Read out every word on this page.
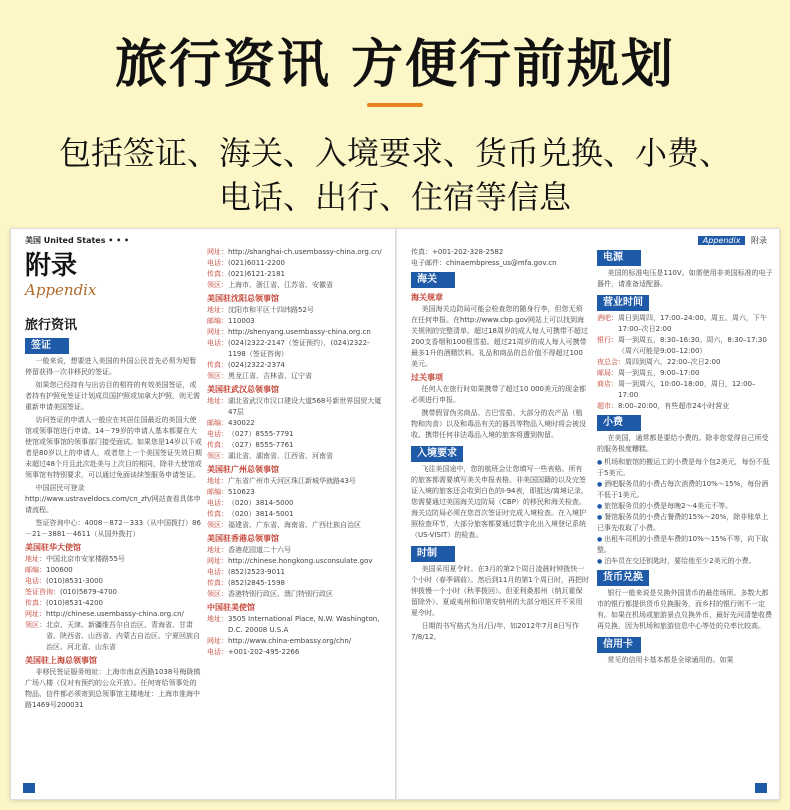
旅行资讯 方便行前规划
包括签证、海关、入境要求、货币兑换、小费、
电话、出行、住宿等信息
美国 United States • • •	Appendix 附录
附录
Appendix
旅行资讯
签证
一般来说，想要进入美国的外国公民首先必须为短暂停留获得一次非移民的签证。
如果您已经持有与出访目的相符的有效美国签证，或者持有护照免签证计划成员国护照或加拿大护照，则无需重新申请美国签证。
访问签证的申请人一般应在其居住国最近的美国大使馆或领事馆进行申请。14－79岁的申请人基本都要在大使馆或领事馆的领事部门接受面试。如果您是14岁以下或者是80岁以上的申请人，或者您上一个美国签证失效日期未超过48个月且此次赴美与上次目的相同，除非大使馆或领事馆有特别要求，可以通过免面谈续签服务申请签证。
中国居民可登录http://www.ustraveldocs.com/cn_zh/网站查看具体申请流程。
签证咨询中心：4008－872－333（从中国拨打）86－21－3881－4611（从国外拨打）
美国驻华大使馆
地址： 中国北京市安家楼路55号
邮编： 100600
电话： (010)8531-3000
签证咨询： (010)5679-4700
传真： (010)8531-4200
网址： http://chinese.usembassy-china.org.cn/
领区： 北京、天津、新疆维吾尔自治区、青海省、甘肃省、陕西省、山西省、内蒙古自治区、宁夏回族自治区、河北省、山东省
美国驻上海总领事馆
非移民签证服务地址：上海市南京西路1038号梅陇镇广场八楼（仅对有预约的公众开放）。任何寄给领事处的物品、信件都必须寄到总领事馆主楼地址：上海市淮海中路1469号200031
网址： http://shanghai-ch.usembassy-china.org.cn/
电话： (021)6011-2200
传真： (021)6121-2181
领区： 上海市、浙江省、江苏省、安徽省
美国驻沈阳总领事馆
地址： 沈阳市和平区十四纬路52号
邮编： 110003
网址： http://shenyang.usembassy-china.org.cn
电话： (024)2322-2147（签证预约），(024)2322-1198（签证咨询）
传真： (024)2322-2374
领区： 黑龙江省、吉林省、辽宁省
美国驻武汉总领事馆
地址： 湖北省武汉市汉口建设大道568号新世界国贸大厦47层
邮编： 430022
电话： （027）8555-7791
传真： （027）8555-7761
领区： 湖北省、湖南省、江西省、河南省
美国驻广州总领事馆
地址： 广东省广州市天河区珠江新城华就路43号
邮编： 510623
电话： （020）3814-5000
传真： （020）3814-5001
领区： 福建省、广东省、海南省、广西壮族自治区
美国驻香港总领事馆
地址： 香港花园道二十六号
网址： http://chinese.hongkong.usconsulate.gov
电话： (852)2523-9011
传真： (852)2845-1598
领区： 香港特别行政区、澳门特别行政区
中国驻美使馆
地址： 3505 International Place, N.W. Washington, D.C. 20008 U.S.A
网址： http://www.china-embassy.org/chn/
电话： +001-202-495-2266
传真：+001-202-328-2582
电子邮件：chinaembpress_us@mfa.gov.cn
海关
海关规章
美国海关边防局可能会检查您的随身行李，但您无须在任何申报。在http://www.cbp.gov网站上可以找到海关规则的完整清单。超过18周岁的成人每人可携带不超过200支香烟和100根雪茄。超过21周岁的成人每人可携带最多1升的酒精饮料。礼品和商品的总价值不得超过100美元。
过关事项
任何人在旅行时如果携带了超过10 000美元的现金都必须进行申报。
携带假冒伪劣商品、古巴雪茄、大部分的农产品（植物和肉食）以及和毒品有关的器具等物品入境时将会被没收。携带任何非法毒品入境的旅客将遭到拘留。
入境要求
飞往美国途中，您的航班会让您填写一些表格。所有的旅客都需要填写美关申报表格。非美国国籍的以及完签证入境的旅客还会收到白色的I-94表，即抵达/离境记录。您需要通过美国海关边防局（CBP）的移民和海关检查。海关边防局必须在您首次签证时完成入境检查。在入境护照检查环节，大部分旅客都要通过数字化出入境登记系统（US-VISIT）的检查。
时制
美国采用夏令时。在3月的第2个周日凌晨时钟拨快一个小时（春季调前）。然后到11月的第1个周日时，再把时钟拨慢一个小时（秋季拨回）。但亚利桑那州（纳瓦霍保留除外）、夏威夷州和印第安纳州的大部分地区并不采用夏令时。
日期的书写格式为月/日/年，如2012年7月8日写作7/8/12。
电源
美国的标准电压是110V。如需使用非美国标准的电子器件，请准备适配器。
营业时间
酒吧： 周日到周四，17:00–24:00。周五、周六，下午17:00–次日2:00
银行： 周一到周五，8:30–16:30。周六，8:30–17:30（周六可能是9:00–12:00）
夜总会： 周四到周六，22:00–次日2:00
邮局： 周一到周五，9:00–17:00
商店： 周一到周六，10:00–18:00，周日，12:00–17:00
超市： 8:00–20:00，有些超市24小时营业
小费
在美国，通常都是要给小费的。除非您觉得自己所受的服务极度糟糕。
● 机场和旅馆的搬运工的小费是每个包2美元，每份不低于5美元。
● 酒吧服务员的小费占每次消费的10%～15%，每份酒不低于1美元。
● 旅馆服务员的小费是每晚2～4美元不等。
● 餐馆服务员的小费占餐费的15%～20%，除非账单上已事先收取了小费。
● 出租车司机的小费是车费的10%～15%不等，向下取整。
● 泊车员在交还钥匙时，要给他至少2美元的小费。
货币兑换
银行一般来说是兑换外国货币的最佳场所。多数大都市的银行都提供货币兑换服务，而乡村的银行则不一定有。如果在机场或旅游景点兑换外币，最好先问清楚收费再兑换，因为机场和旅游信息中心等处的兑率比较高。
信用卡
常见的信用卡基本都是全球通用的。如果
